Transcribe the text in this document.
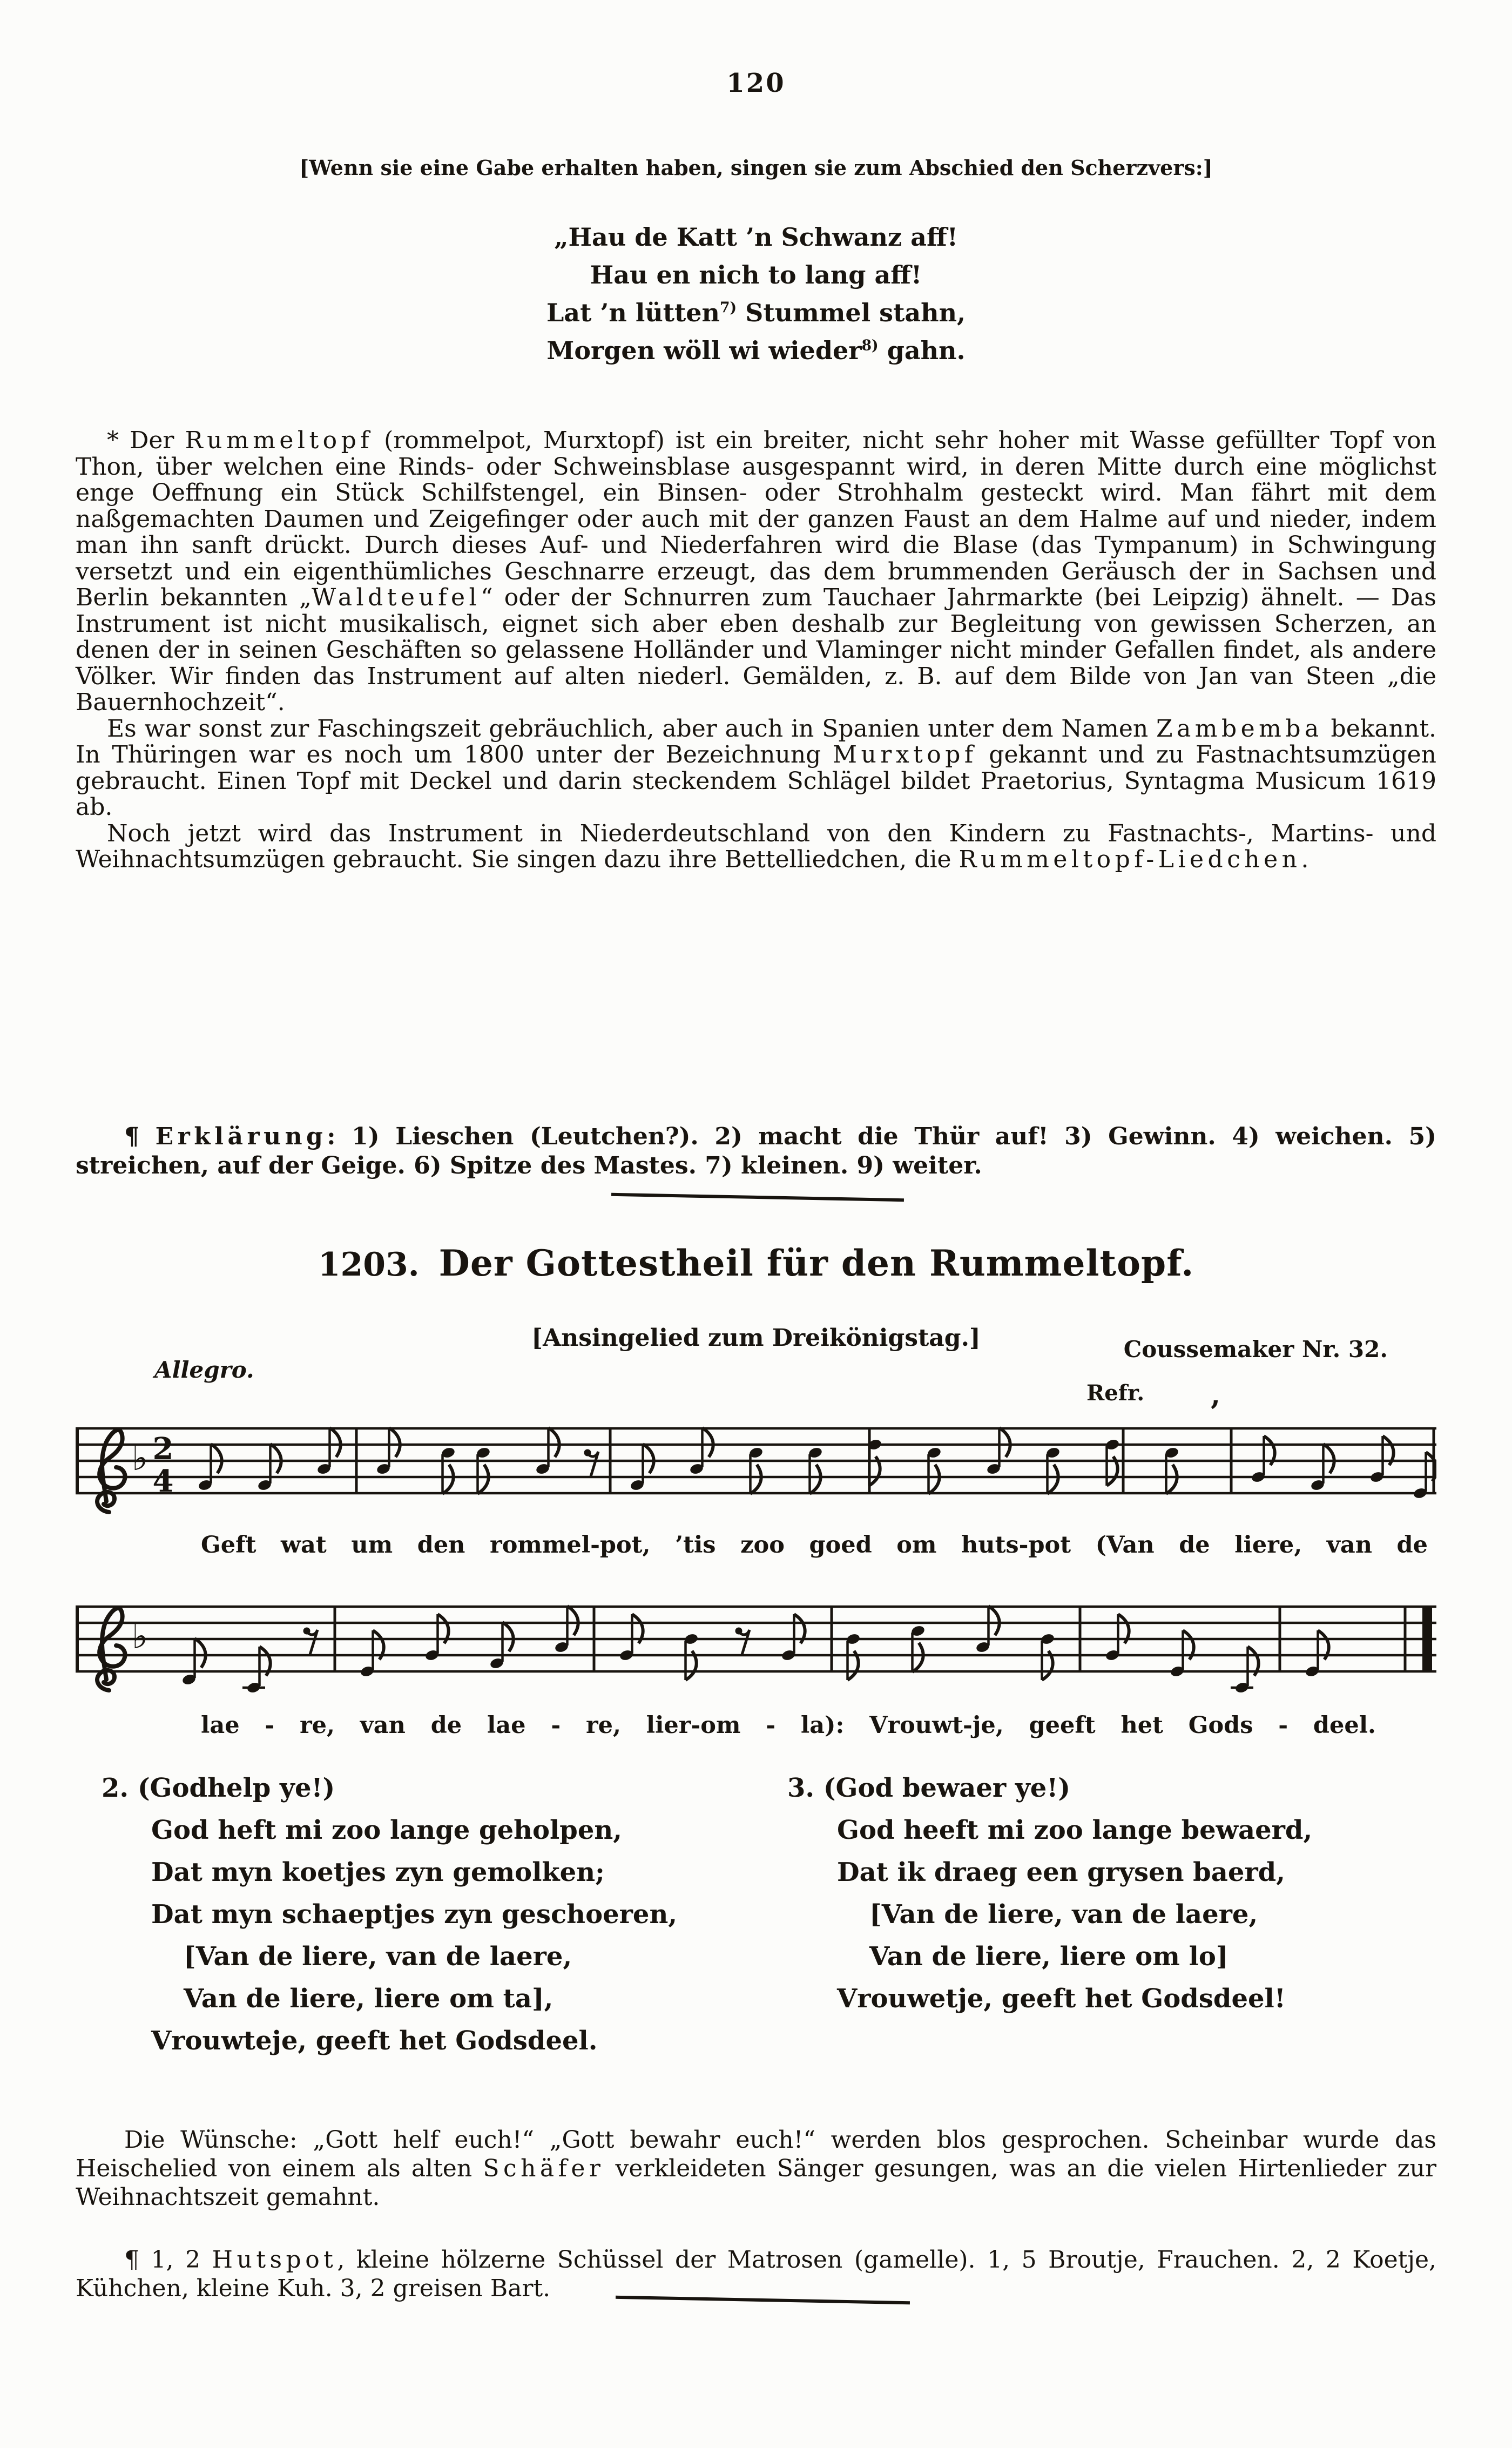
120
[Wenn sie eine Gabe erhalten haben, singen sie zum Abschied den Scherzvers:]
„Hau de Katt ’n Schwanz aff!
Hau en nich to lang aff!
Lat ’n lütten$^{7)}$ Stummel stahn,
Morgen wöll wi wieder$^{8)}$ gahn.

* Der Rummeltopf (rommelpot, Murxtopf) ist ein breiter, nicht sehr hoher mit Wasse gefüllter Topf von Thon, über welchen eine Rinds- oder Schweinsblase ausgespannt wird, in deren Mitte durch eine möglichst enge Oeffnung ein Stück Schilfstengel, ein Binsen- oder Strohhalm gesteckt wird. Man fährt mit dem naßgemachten Daumen und Zeigefinger oder auch mit der ganzen Faust an dem Halme auf und nieder, indem man ihn sanft drückt. Durch dieses Auf- und Niederfahren wird die Blase (das Tympanum) in Schwingung versetzt und ein eigenthümliches Geschnarre erzeugt, das dem brummenden Geräusch der in Sachsen und Berlin bekannten „Waldteufel“ oder der Schnurren zum Tauchaer Jahrmarkte (bei Leipzig) ähnelt. — Das Instrument ist nicht musikalisch, eignet sich aber eben deshalb zur Begleitung von gewissen Scherzen, an denen der in seinen Geschäften so gelassene Holländer und Vlaminger nicht minder Gefallen findet, als andere Völker. Wir finden das Instrument auf alten niederl. Gemälden, z. B. auf dem Bilde von Jan van Steen „die Bauernhochzeit“.

Es war sonst zur Faschingszeit gebräuchlich, aber auch in Spanien unter dem Namen Zambemba bekannt. In Thüringen war es noch um 1800 unter der Bezeichnung Murxtopf gekannt und zu Fastnachtsumzügen gebraucht. Einen Topf mit Deckel und darin steckendem Schlägel bildet Praetorius, Syntagma Musicum 1619 ab.

Noch jetzt wird das Instrument in Niederdeutschland von den Kindern zu Fastnachts-, Martins- und Weihnachtsumzügen gebraucht. Sie singen dazu ihre Bettelliedchen, die Rummeltopf-Liedchen.

¶ Erklärung: 1) Lieschen (Leutchen?). 2) macht die Thür auf! 3) Gewinn. 4) weichen. 5) streichen, auf der Geige. 6) Spitze des Mastes. 7) kleinen. 9) weiter.

1203. Der Gottestheil für den Rummeltopf.
[Ansingelied zum Dreikönigstag.]
Allegro.
Coussemaker Nr. 32.
Refr.
♭ 2
4
’
Geft wat um den rommel-pot, ’tis zoo goed om huts-pot (Van de liere, van de
♭
lae - re, van de lae - re, lier-om - la): Vrouwt-je, geeft het Gods - deel.
2. (Godhelp ye!)
God heft mi zoo lange geholpen,
Dat myn koetjes zyn gemolken;
Dat myn schaeptjes zyn geschoeren,
[Van de liere, van de laere,
Van de liere, liere om ta],
Vrouwteje, geeft het Godsdeel.
3. (God bewaer ye!)
God heeft mi zoo lange bewaerd,
Dat ik draeg een grysen baerd,
[Van de liere, van de laere,
Van de liere, liere om lo]
Vrouwetje, geeft het Godsdeel!

Die Wünsche: „Gott helf euch!“ „Gott bewahr euch!“ werden blos gesprochen. Scheinbar wurde das Heischelied von einem als alten Schäfer verkleideten Sänger gesungen, was an die vielen Hirtenlieder zur Weihnachtszeit gemahnt.

¶ 1, 2 Hutspot, kleine hölzerne Schüssel der Matrosen (gamelle). 1, 5 Broutje, Frauchen. 2, 2 Koetje, Kühchen, kleine Kuh. 3, 2 greisen Bart.
